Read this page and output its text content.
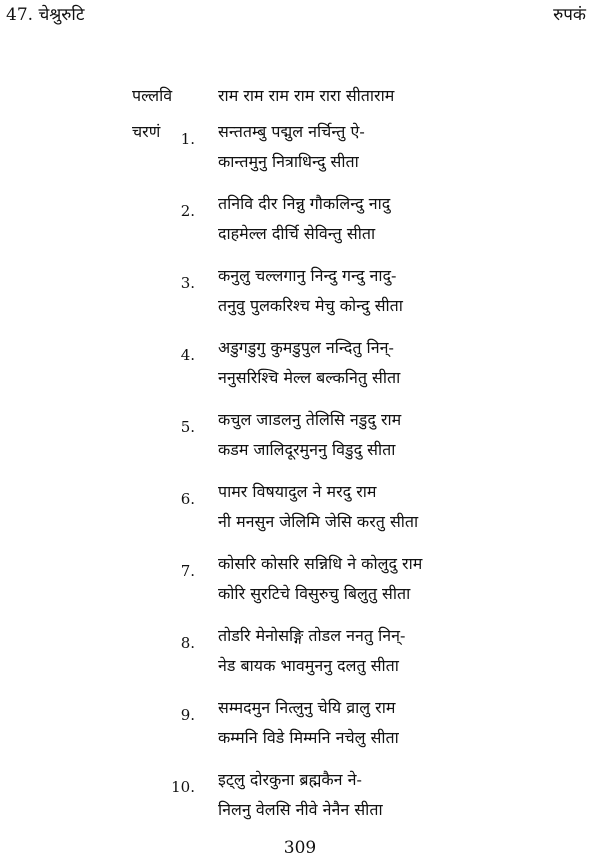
47. चेश्रुरुटि	रुपकं
पल्लवि	राम राम राम राम रारा सीताराम
चरणं	1. सन्ततम्बु पद्मुल नर्चिन्तु ऐ-
कान्तमुनु नित्राधिन्दु सीता
2. तनिवि दीर निन्नु गौकलिन्दु नादु
दाहमेल्ल दीर्चि सेविन्तु सीता
3. कनुलु चल्लगानु निन्दु गन्दु नादु-
तनुवु पुलकरिश्च मेचु कोन्दु सीता
4. अडुगडुगु कुमडुपुल नन्दितु निन्-
ननुसरिश्चि मेल्ल बल्कनितु सीता
5. कचुल जाडलनु तेलिसि नडुदु राम
कडम जालिदूरमुननु विडुदु सीता
6. पामर विषयादुल ने मरदु राम
नी मनसुन जेलिमि जेसि करतु सीता
7. कोसरि कोसरि सन्निधि ने कोलुदु राम
कोरि सुरटिचे विसुरुचु बिलुतु सीता
8. तोडरि मेनोसङ्गि तोडल ननतु निन्-
नेड बायक भावमुननु दलतु सीता
9. सम्मदमुन नित्लुनु चेयि व्रालु राम
कम्मनि विडे मिम्मनि नचेलु सीता
10. इट्लु दोरकुना ब्रह्मकैन ने-
निलनु वेलसि नीवे नेनैन सीता
309
